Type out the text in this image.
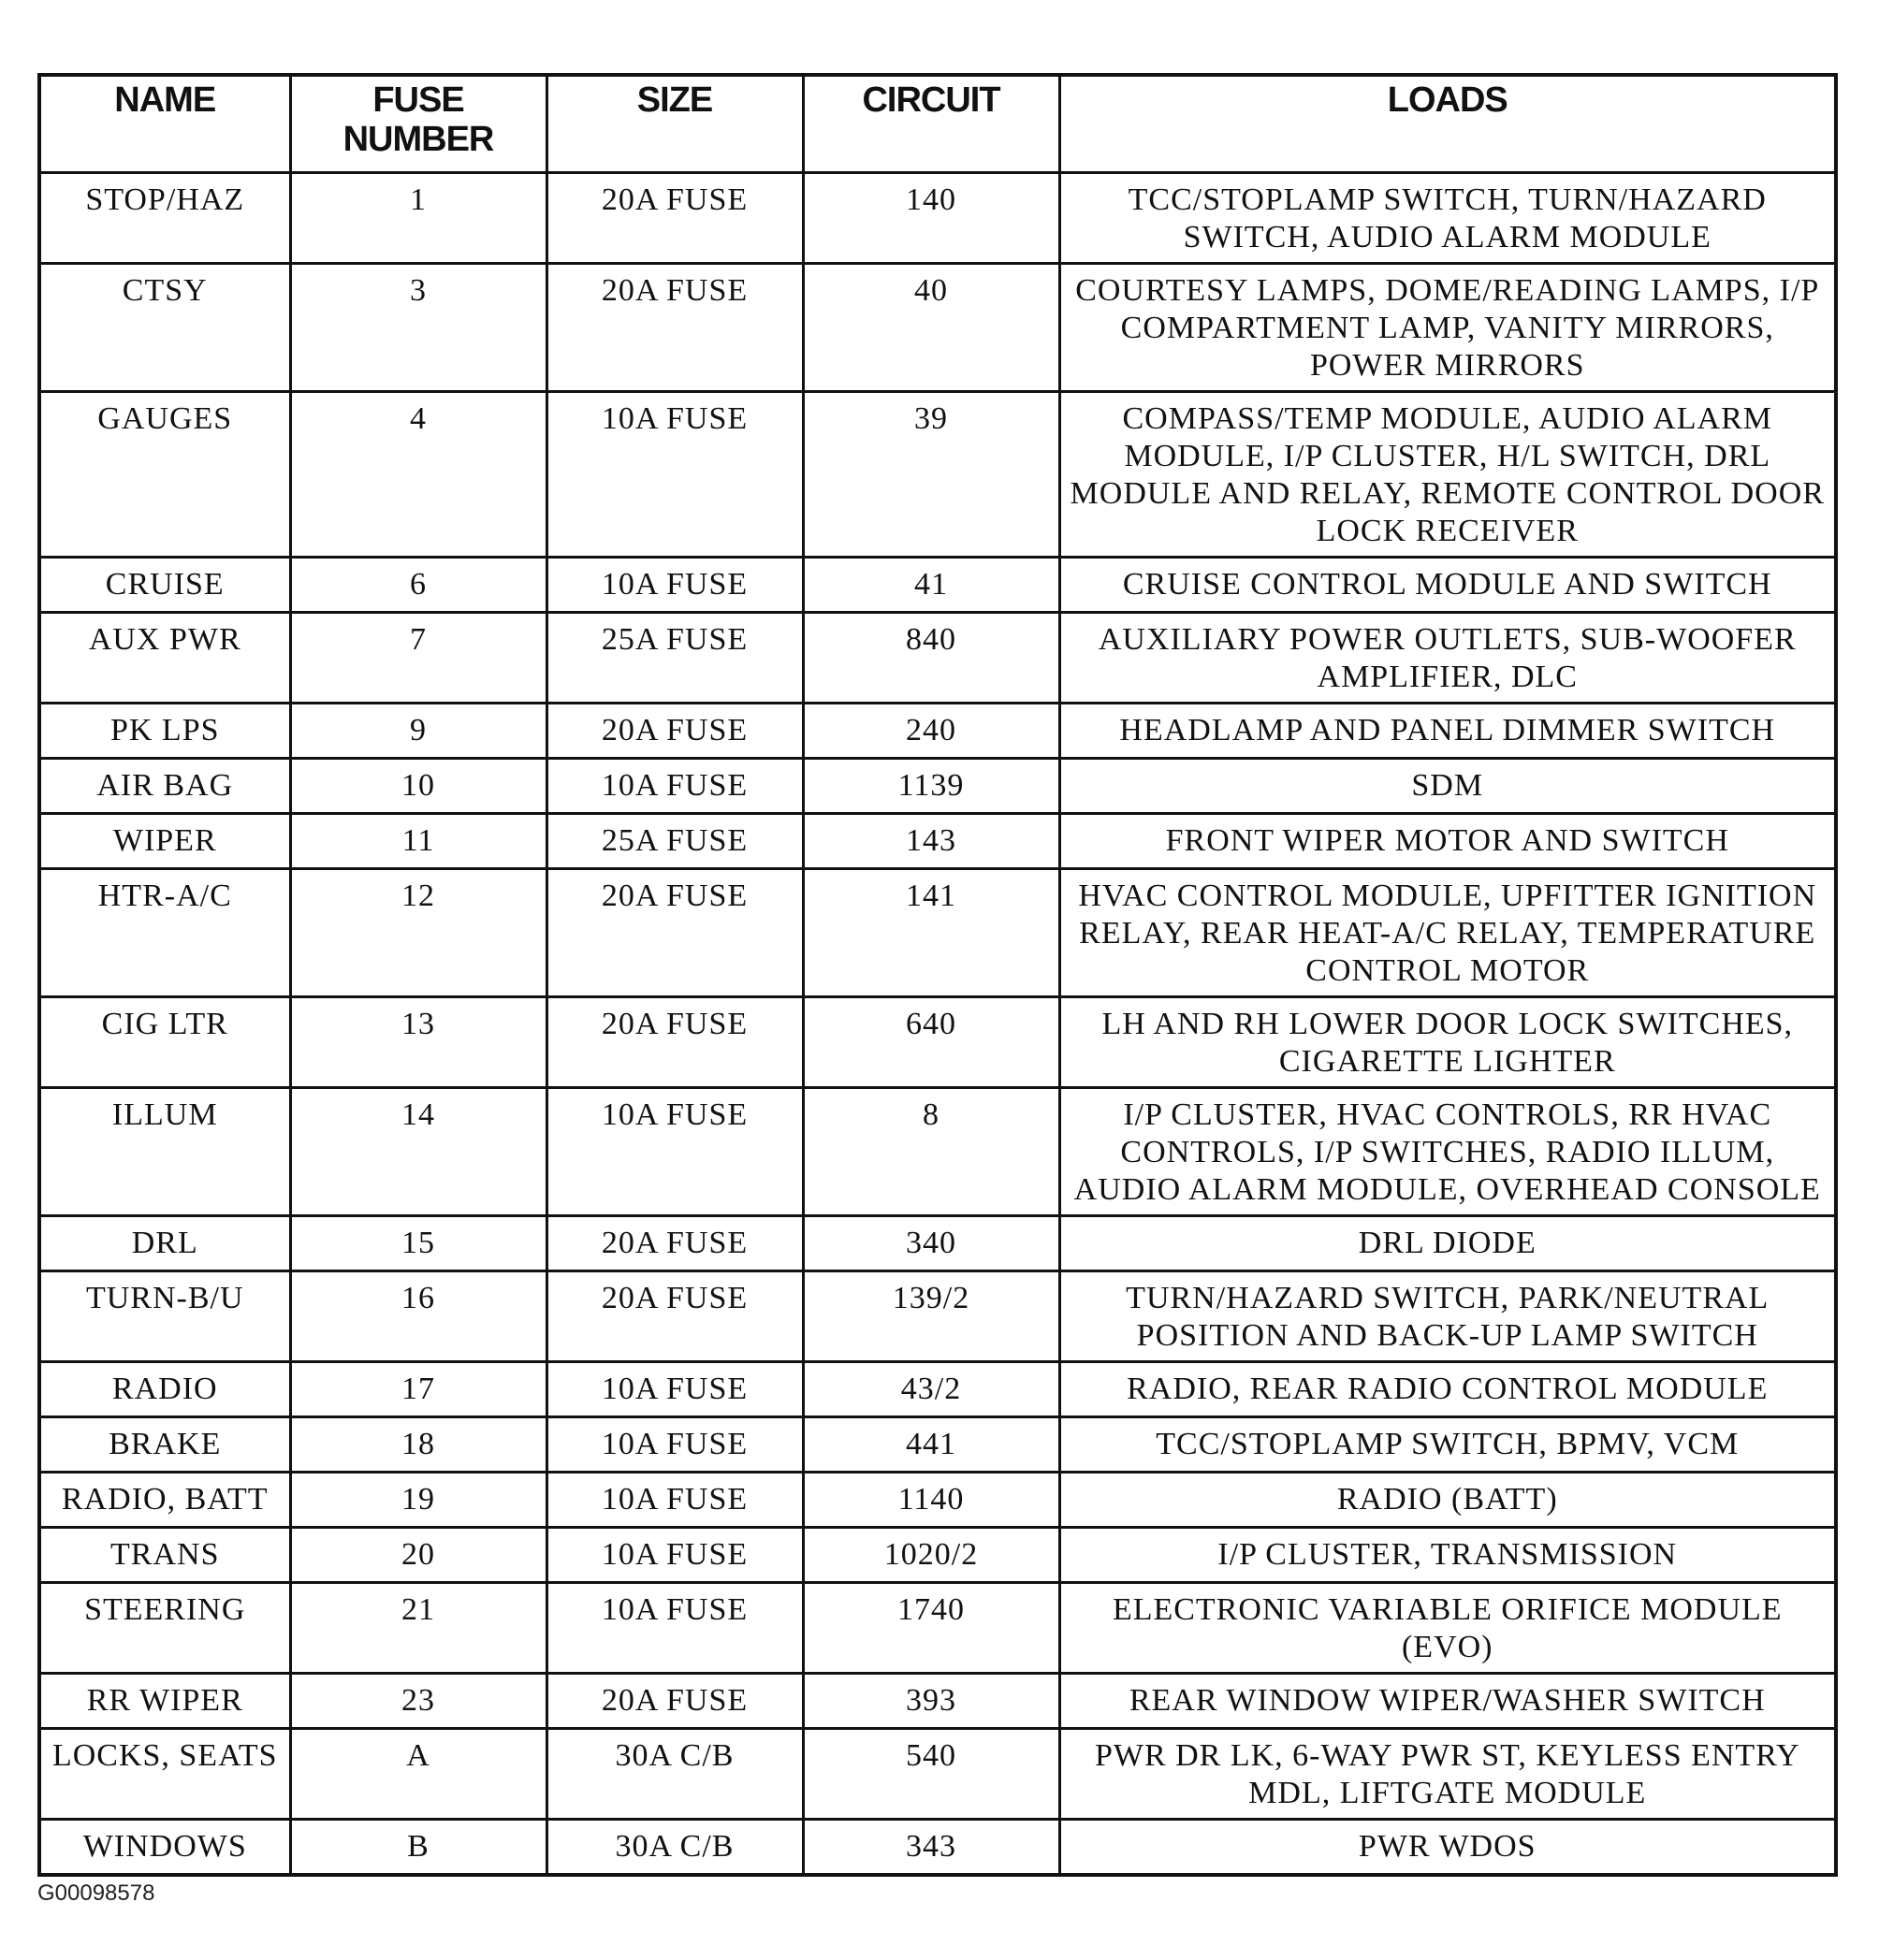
NAME	FUSE NUMBER	SIZE	CIRCUIT	LOADS
STOP/HAZ	1	20A FUSE	140	TCC/STOPLAMP SWITCH, TURN/HAZARD SWITCH, AUDIO ALARM MODULE
CTSY	3	20A FUSE	40	COURTESY LAMPS, DOME/READING LAMPS, I/P COMPARTMENT LAMP, VANITY MIRRORS, POWER MIRRORS
GAUGES	4	10A FUSE	39	COMPASS/TEMP MODULE, AUDIO ALARM MODULE, I/P CLUSTER, H/L SWITCH, DRL MODULE AND RELAY, REMOTE CONTROL DOOR LOCK RECEIVER
CRUISE	6	10A FUSE	41	CRUISE CONTROL MODULE AND SWITCH
AUX PWR	7	25A FUSE	840	AUXILIARY POWER OUTLETS, SUB-WOOFER AMPLIFIER, DLC
PK LPS	9	20A FUSE	240	HEADLAMP AND PANEL DIMMER SWITCH
AIR BAG	10	10A FUSE	1139	SDM
WIPER	11	25A FUSE	143	FRONT WIPER MOTOR AND SWITCH
HTR-A/C	12	20A FUSE	141	HVAC CONTROL MODULE, UPFITTER IGNITION RELAY, REAR HEAT-A/C RELAY, TEMPERATURE CONTROL MOTOR
CIG LTR	13	20A FUSE	640	LH AND RH LOWER DOOR LOCK SWITCHES, CIGARETTE LIGHTER
ILLUM	14	10A FUSE	8	I/P CLUSTER, HVAC CONTROLS, RR HVAC CONTROLS, I/P SWITCHES, RADIO ILLUM, AUDIO ALARM MODULE, OVERHEAD CONSOLE
DRL	15	20A FUSE	340	DRL DIODE
TURN-B/U	16	20A FUSE	139/2	TURN/HAZARD SWITCH, PARK/NEUTRAL POSITION AND BACK-UP LAMP SWITCH
RADIO	17	10A FUSE	43/2	RADIO, REAR RADIO CONTROL MODULE
BRAKE	18	10A FUSE	441	TCC/STOPLAMP SWITCH, BPMV, VCM
RADIO, BATT	19	10A FUSE	1140	RADIO (BATT)
TRANS	20	10A FUSE	1020/2	I/P CLUSTER, TRANSMISSION
STEERING	21	10A FUSE	1740	ELECTRONIC VARIABLE ORIFICE MODULE (EVO)
RR WIPER	23	20A FUSE	393	REAR WINDOW WIPER/WASHER SWITCH
LOCKS, SEATS	A	30A C/B	540	PWR DR LK, 6-WAY PWR ST, KEYLESS ENTRY MDL, LIFTGATE MODULE
WINDOWS	B	30A C/B	343	PWR WDOS
G00098578
